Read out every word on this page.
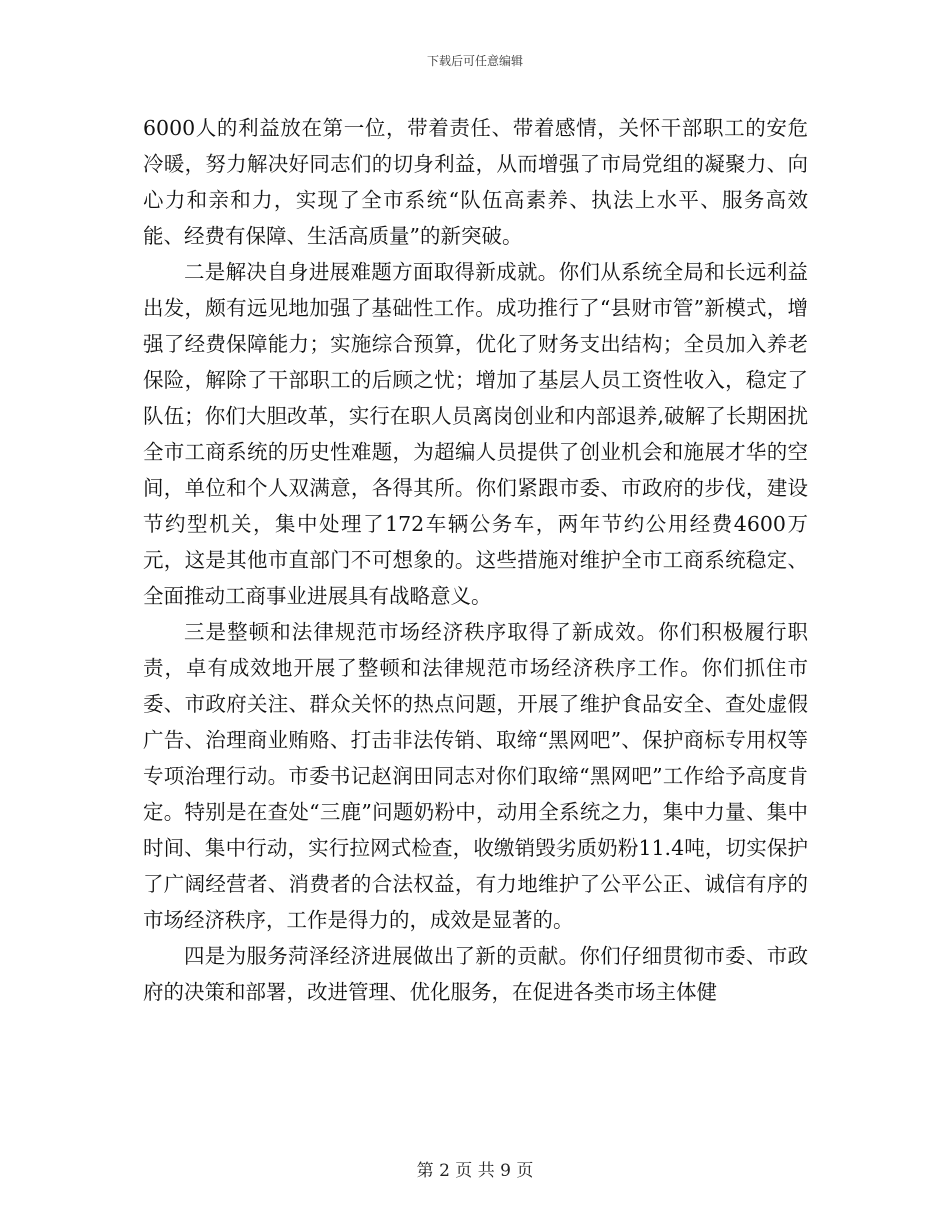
下载后可任意编辑

6000人的利益放在第一位，带着责任、带着感情，关怀干部职工的安危冷暖，努力解决好同志们的切身利益，从而增强了市局党组的凝聚力、向心力和亲和力，实现了全市系统“队伍高素养、执法上水平、服务高效能、经费有保障、生活高质量”的新突破。

二是解决自身进展难题方面取得新成就。你们从系统全局和长远利益出发，颇有远见地加强了基础性工作。成功推行了“县财市管”新模式，增强了经费保障能力；实施综合预算，优化了财务支出结构；全员加入养老保险，解除了干部职工的后顾之忧；增加了基层人员工资性收入，稳定了队伍；你们大胆改革，实行在职人员离岗创业和内部退养,破解了长期困扰全市工商系统的历史性难题，为超编人员提供了创业机会和施展才华的空间，单位和个人双满意，各得其所。你们紧跟市委、市政府的步伐，建设节约型机关，集中处理了172车辆公务车，两年节约公用经费4600万元，这是其他市直部门不可想象的。这些措施对维护全市工商系统稳定、全面推动工商事业进展具有战略意义。

三是整顿和法律规范市场经济秩序取得了新成效。你们积极履行职责，卓有成效地开展了整顿和法律规范市场经济秩序工作。你们抓住市委、市政府关注、群众关怀的热点问题，开展了维护食品安全、查处虚假广告、治理商业贿赂、打击非法传销、取缔“黑网吧”、保护商标专用权等专项治理行动。市委书记赵润田同志对你们取缔“黑网吧”工作给予高度肯定。特别是在查处“三鹿”问题奶粉中，动用全系统之力，集中力量、集中时间、集中行动，实行拉网式检查，收缴销毁劣质奶粉11.4吨，切实保护了广阔经营者、消费者的合法权益，有力地维护了公平公正、诚信有序的市场经济秩序，工作是得力的，成效是显著的。

四是为服务菏泽经济进展做出了新的贡献。你们仔细贯彻市委、市政府的决策和部署，改进管理、优化服务，在促进各类市场主体健

第 2 页 共 9 页
